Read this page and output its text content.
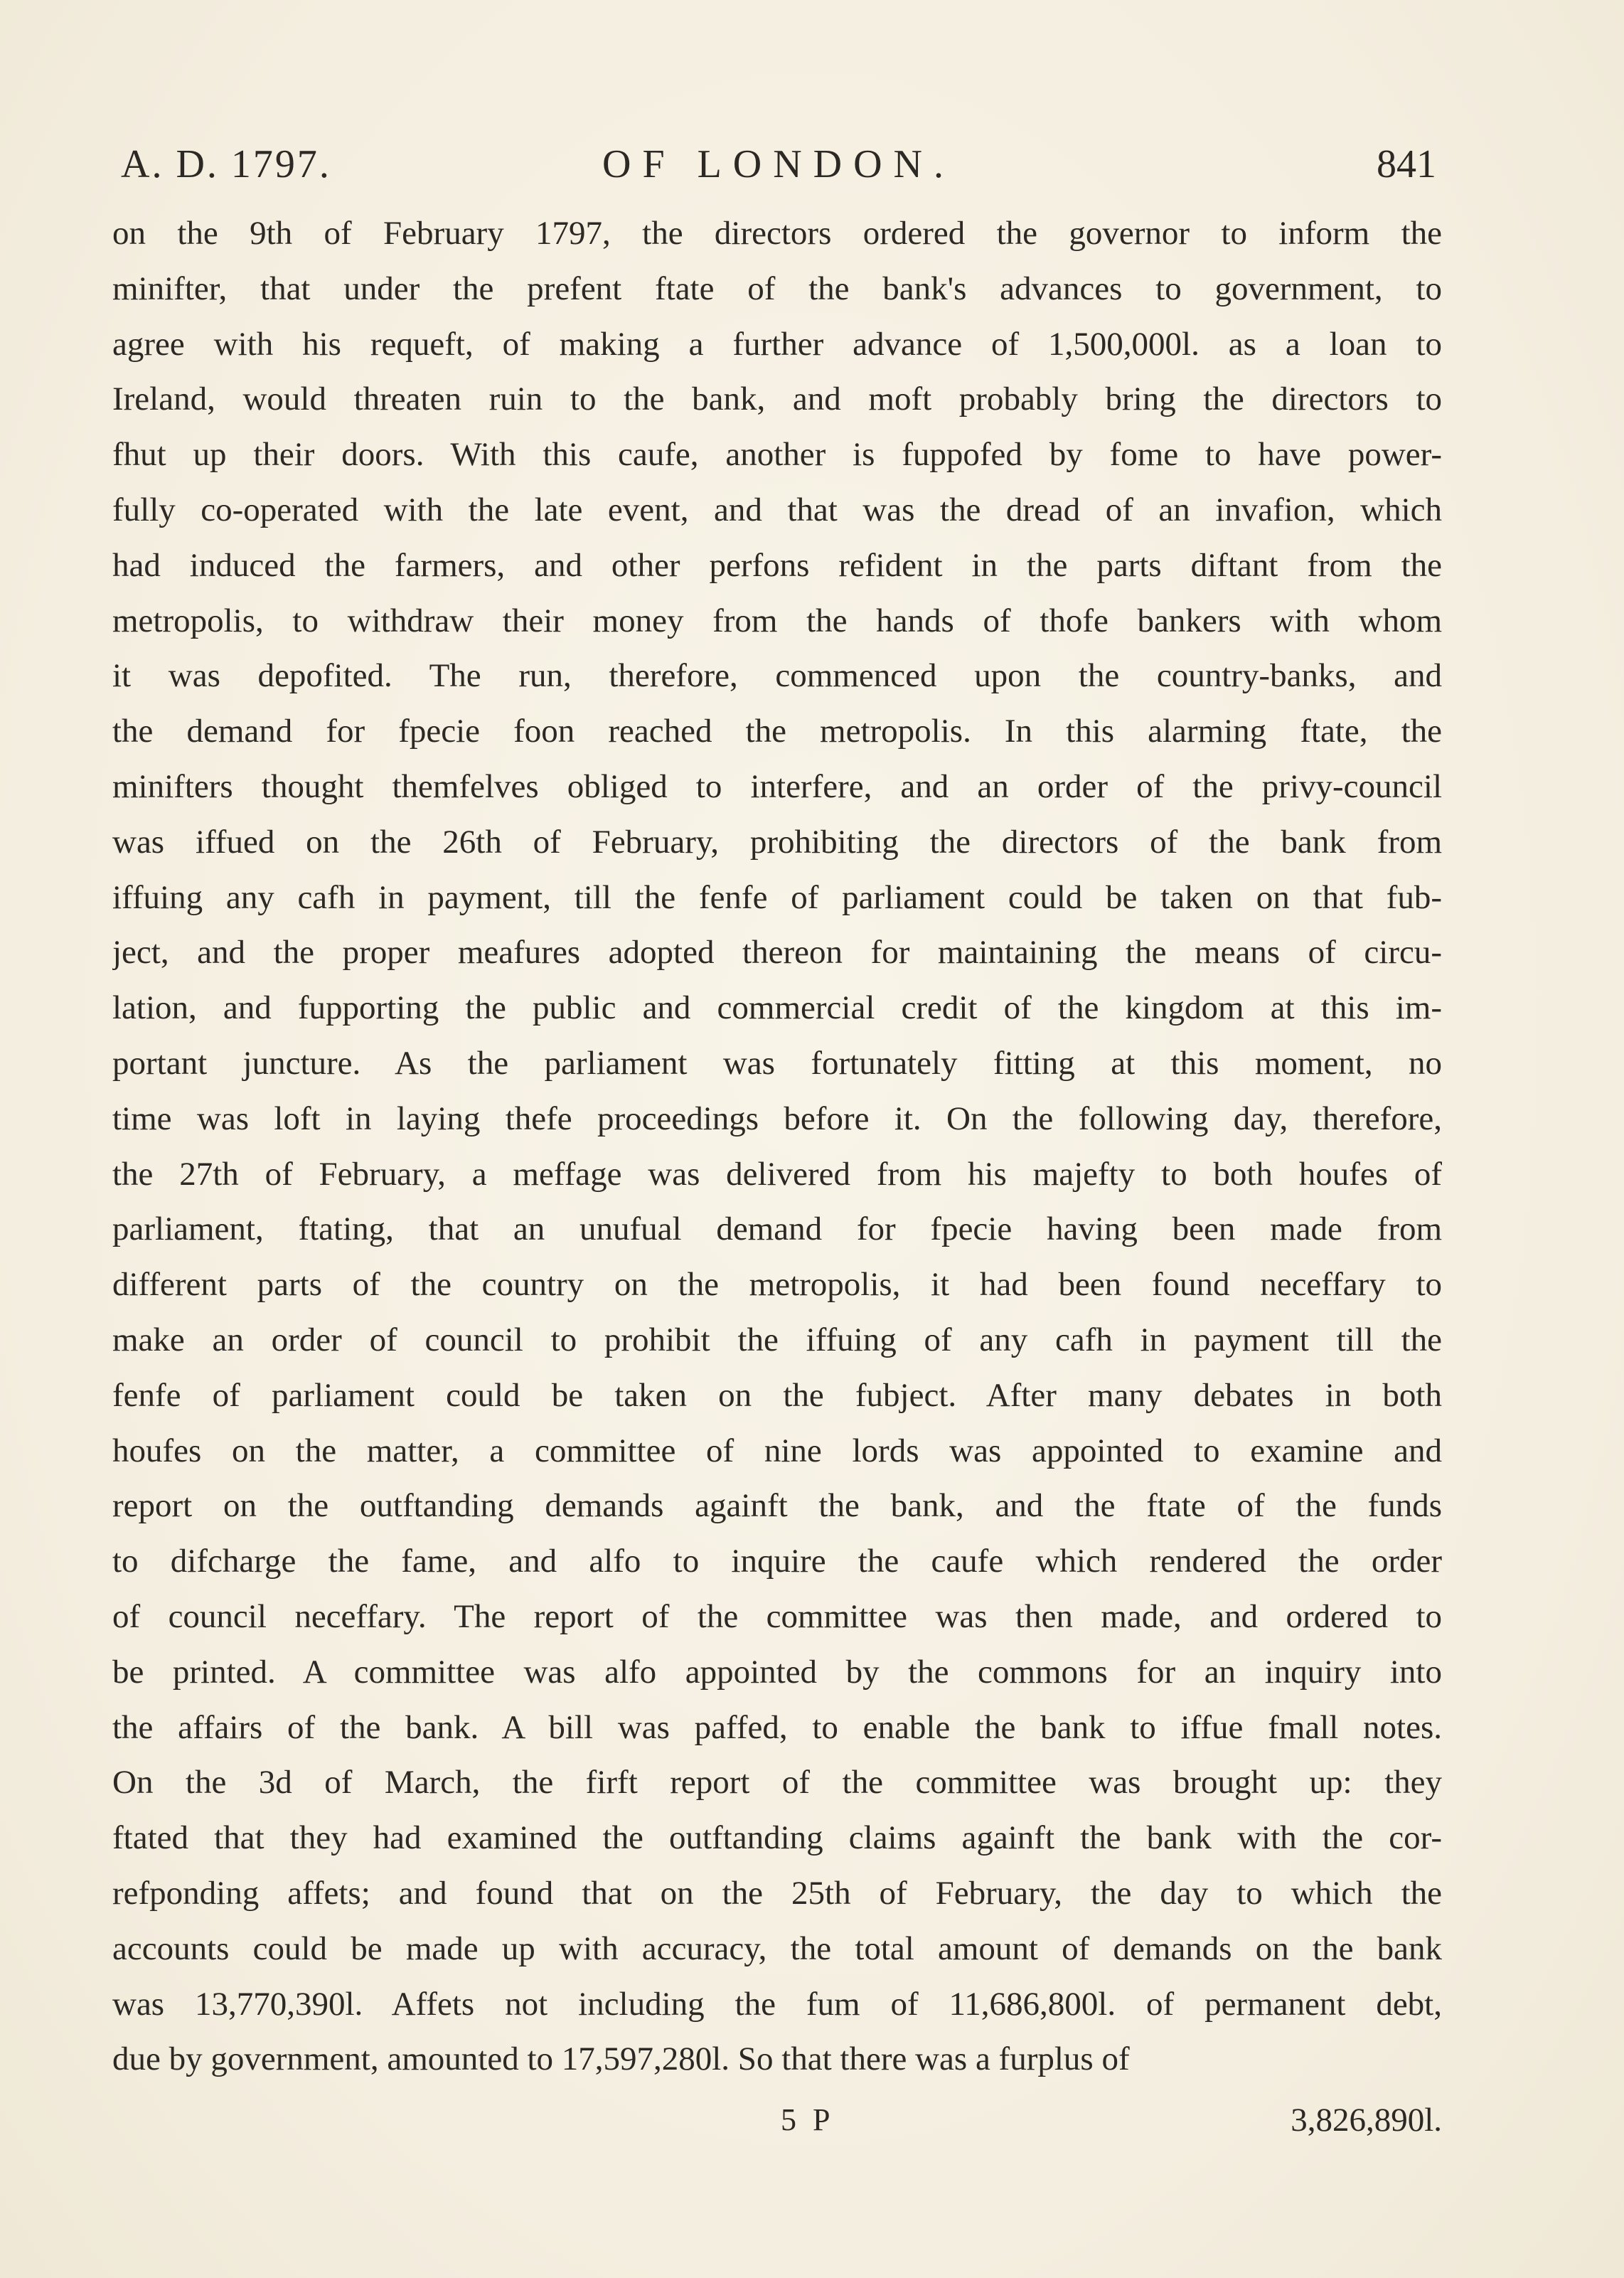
A. D. 1797.	OF LONDON.	841
on the 9th of February 1797, the directors ordered the governor to inform the
minifter, that under the prefent ftate of the bank's advances to government, to
agree with his requeft, of making a further advance of 1,500,000l. as a loan to
Ireland, would threaten ruin to the bank, and moft probably bring the directors to
fhut up their doors. With this caufe, another is fuppofed by fome to have power-
fully co-operated with the late event, and that was the dread of an invafion, which
had induced the farmers, and other perfons refident in the parts diftant from the
metropolis, to withdraw their money from the hands of thofe bankers with whom
it was depofited. The run, therefore, commenced upon the country-banks, and
the demand for fpecie foon reached the metropolis. In this alarming ftate, the
minifters thought themfelves obliged to interfere, and an order of the privy-council
was iffued on the 26th of February, prohibiting the directors of the bank from
iffuing any cafh in payment, till the fenfe of parliament could be taken on that fub-
ject, and the proper meafures adopted thereon for maintaining the means of circu-
lation, and fupporting the public and commercial credit of the kingdom at this im-
portant juncture. As the parliament was fortunately fitting at this moment, no
time was loft in laying thefe proceedings before it. On the following day, therefore,
the 27th of February, a meffage was delivered from his majefty to both houfes of
parliament, ftating, that an unufual demand for fpecie having been made from
different parts of the country on the metropolis, it had been found neceffary to
make an order of council to prohibit the iffuing of any cafh in payment till the
fenfe of parliament could be taken on the fubject. After many debates in both
houfes on the matter, a committee of nine lords was appointed to examine and
report on the outftanding demands againft the bank, and the ftate of the funds
to difcharge the fame, and alfo to inquire the caufe which rendered the order
of council neceffary. The report of the committee was then made, and ordered to
be printed. A committee was alfo appointed by the commons for an inquiry into
the affairs of the bank. A bill was paffed, to enable the bank to iffue fmall notes.
On the 3d of March, the firft report of the committee was brought up: they
ftated that they had examined the outftanding claims againft the bank with the cor-
refponding affets; and found that on the 25th of February, the day to which the
accounts could be made up with accuracy, the total amount of demands on the bank
was 13,770,390l. Affets not including the fum of 11,686,800l. of permanent debt,
due by government, amounted to 17,597,280l. So that there was a furplus of
5 P	3,826,890l.
